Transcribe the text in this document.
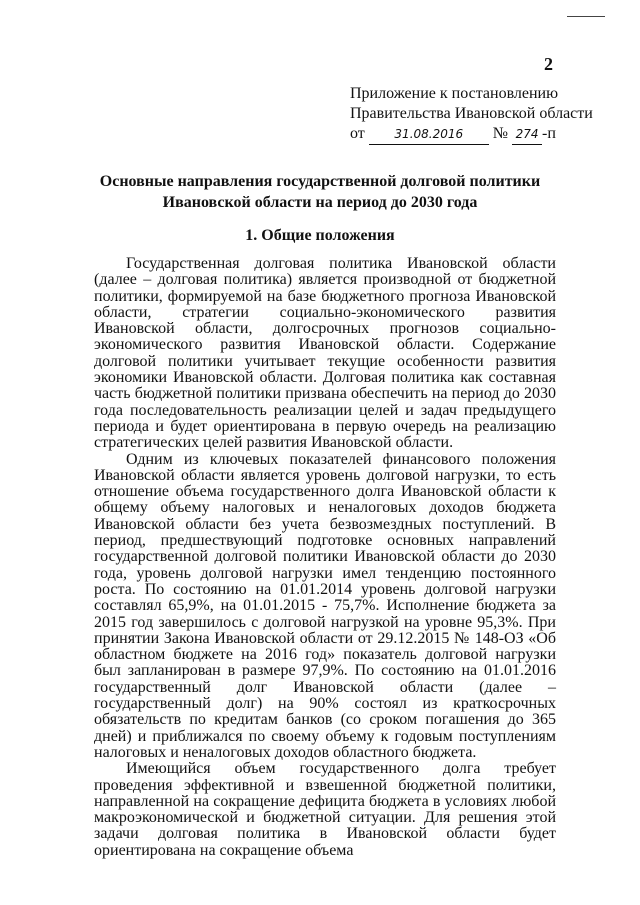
2
Приложение к постановлению
Правительства Ивановской области
от 31.08.2016 № 274 -п
Основные направления государственной долговой политики
Ивановской области на период до 2030 года
1. Общие положения

Государственная долговая политика Ивановской области (далее – долговая политика) является производной от бюджетной политики, формируемой на базе бюджетного прогноза Ивановской области, стратегии социально-экономического развития Ивановской области, долгосрочных прогнозов социально-экономического развития Ивановской области. Содержание долговой политики учитывает текущие особенности развития экономики Ивановской области. Долговая политика как составная часть бюджетной политики призвана обеспечить на период до 2030 года последовательность реализации целей и задач предыдущего периода и будет ориентирована в первую очередь на реализацию стратегических целей развития Ивановской области.

Одним из ключевых показателей финансового положения Ивановской области является уровень долговой нагрузки, то есть отношение объема государственного долга Ивановской области к общему объему налоговых и неналоговых доходов бюджета Ивановской области без учета безвозмездных поступлений. В период, предшествующий подготовке основных направлений государственной долговой политики Ивановской области до 2030 года, уровень долговой нагрузки имел тенденцию постоянного роста. По состоянию на 01.01.2014 уровень долговой нагрузки составлял 65,9%, на 01.01.2015 - 75,7%. Исполнение бюджета за 2015 год завершилось с долговой нагрузкой на уровне 95,3%. При принятии Закона Ивановской области от 29.12.2015 № 148-ОЗ «Об областном бюджете на 2016 год» показатель долговой нагрузки был запланирован в размере 97,9%. По состоянию на 01.01.2016 государственный долг Ивановской области (далее – государственный долг) на 90% состоял из краткосрочных обязательств по кредитам банков (со сроком погашения до 365 дней) и приближался по своему объему к годовым поступлениям налоговых и неналоговых доходов областного бюджета.

Имеющийся объем государственного долга требует проведения эффективной и взвешенной бюджетной политики, направленной на сокращение дефицита бюджета в условиях любой макроэкономической и бюджетной ситуации. Для решения этой задачи долговая политика в Ивановской области будет ориентирована на сокращение объема
